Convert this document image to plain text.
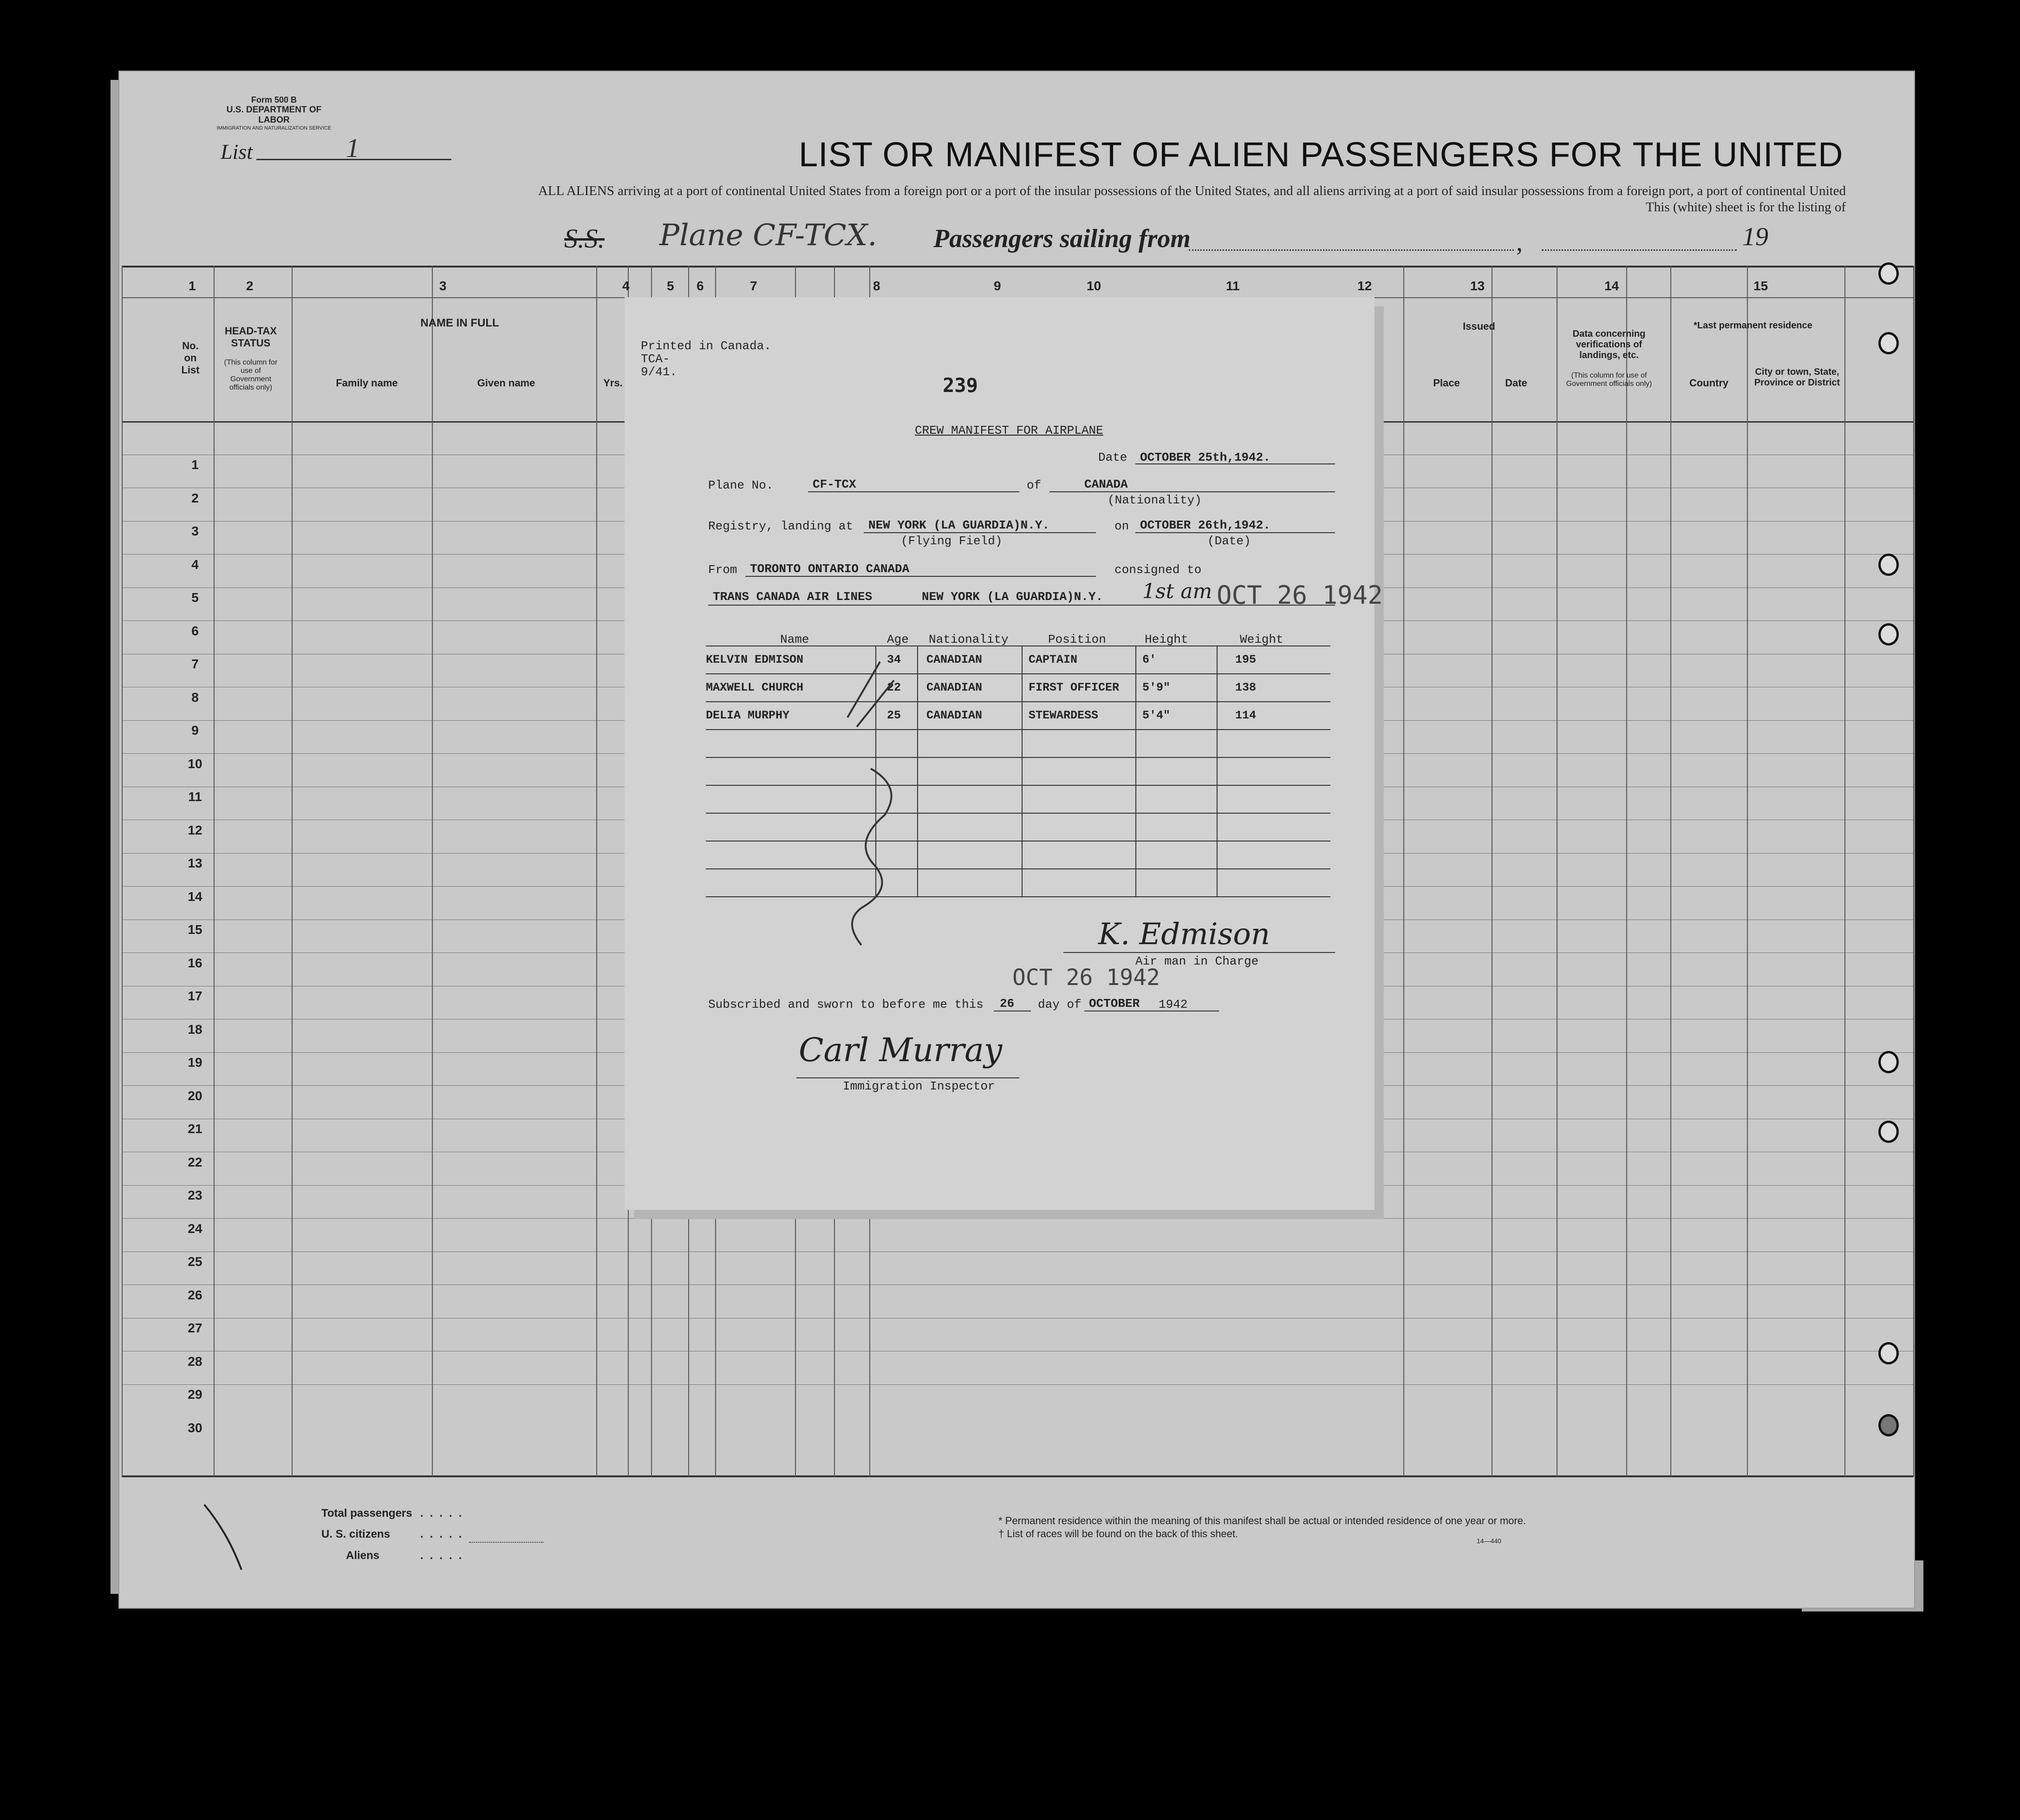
Form 500 B
U.S. DEPARTMENT OF LABOR
IMMIGRATION AND NATURALIZATION SERVICE
List	1	LIST OR MANIFEST OF ALIEN PASSENGERS FOR THE UNITED
ALL ALIENS arriving at a port of continental United States from a foreign port or a port of the insular possessions of the United States, and all aliens arriving at a port of said insular possessions from a foreign port, a port of continental United
This (white) sheet is for the listing of
S.S. Plane CF-TCX. Passengers sailing from	,	19
1	2	3	4	5 6	7	8	9	10	11	12	13	14	15
No. on List
HEAD-TAX STATUS
(This column for use of Government officials only)
NAME IN FULL
Family name	Given name	Yrs.
Issued
Place	Date
Data concerning verifications of landings, etc.
(This column for use of Government officials only)
*Last permanent residence
Country
City or town, State, Province or District
1
2
3
4
5
6
7
8
9
10
11
12
13
14
15
16
17
18
19
20
21
22
23
24
25
26
27
28
29
30
Total passengers
U. S. citizens
Aliens
.....
.....
.....
* Permanent residence within the meaning of this manifest shall be actual or intended residence of one year or more.
† List of races will be found on the back of this sheet.
14—440
Printed in Canada.
TCA-
9/41.
239
CREW MANIFEST FOR AIRPLANE
Date OCTOBER 25th,1942.
Plane No.	CF-TCX	of	CANADA
(Nationality)
Registry, landing at NEW YORK (LA GUARDIA)N.Y.
(Flying Field)
on OCTOBER 26th,1942.
(Date)
From TORONTO ONTARIO CANADA	consigned to
TRANS CANADA AIR LINES	NEW YORK (LA GUARDIA)N.Y. 1st am OCT 26 1942
Name	Age Nationality	Position	Height	Weight
KELVIN EDMISON	34 CANADIAN	CAPTAIN	6'	195
MAXWELL CHURCH	22 CANADIAN	FIRST OFFICER 5'9"	138
DELIA MURPHY	25 CANADIAN	STEWARDESS	5'4"	114
K. Edmison
Air man in Charge
OCT 26 1942
Subscribed and sworn to before me this 26 day of OCTOBER 1942
Carl Murray
Immigration Inspector
